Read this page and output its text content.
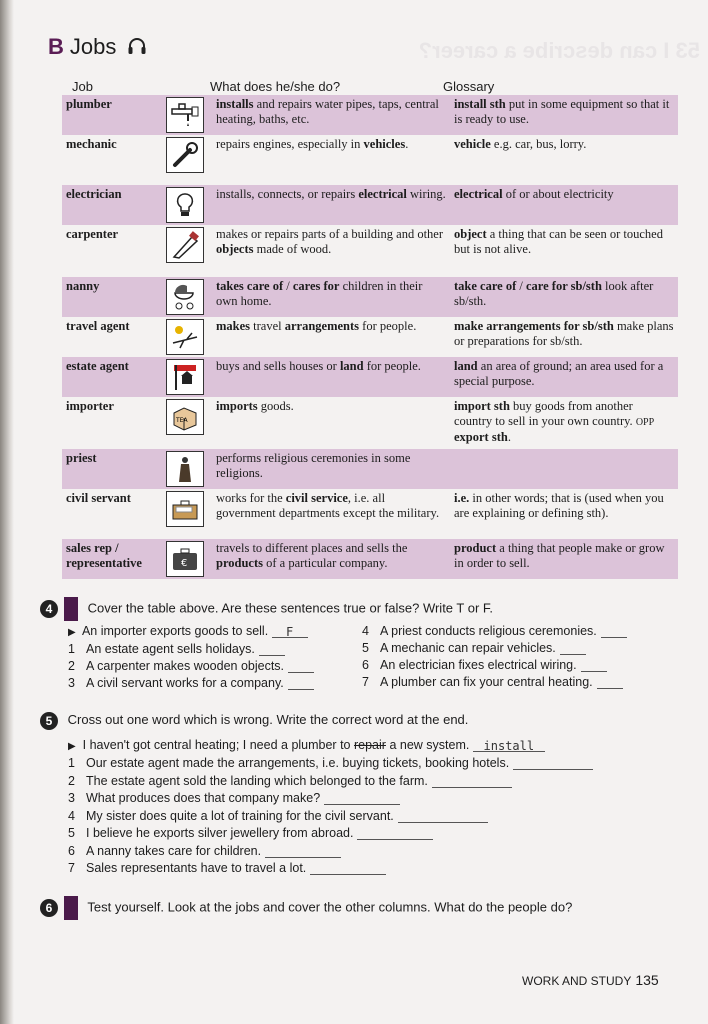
53 I can describe a career?
B Jobs
Job	What does he/she do?	Glossary
plumber		installs and repairs water pipes, taps, central heating, baths, etc.	install sth put in some equipment so that it is ready to use.
mechanic		repairs engines, especially in vehicles.	vehicle e.g. car, bus, lorry.
electrician		installs, connects, or repairs electrical wiring.	electrical of or about electricity
carpenter		makes or repairs parts of a building and other objects made of wood.	object a thing that can be seen or touched but is not alive.
nanny		takes care of / cares for children in their own home.	take care of / care for sb/sth look after sb/sth.
travel agent		makes travel arrangements for people.	make arrangements for sb/sth make plans or preparations for sb/sth.
estate agent		buys and sells houses or land for people.	land an area of ground; an area used for a special purpose.
importer	TEA	imports goods.	import sth buy goods from another country to sell in your own country. OPP export sth.
priest		performs religious ceremonies in some religions.	
civil servant		works for the civil service, i.e. all government departments except the military.	i.e. in other words; that is (used when you are explaining or defining sth).
sales rep / representative	€	travels to different places and sells the products of a particular company.	product a thing that people make or grow in order to sell.
4	Cover the table above. Are these sentences true or false? Write T or F.
▶ An importer exports goods to sell. F
1 An estate agent sells holidays.
2 A carpenter makes wooden objects.
3 A civil servant works for a company.
4 A priest conducts religious ceremonies.
5 A mechanic can repair vehicles.
6 An electrician fixes electrical wiring.
7 A plumber can fix your central heating.
5 Cross out one word which is wrong. Write the correct word at the end.
▶ I haven't got central heating; I need a plumber to repair a new system. install
1 Our estate agent made the arrangements, i.e. buying tickets, booking hotels.
2 The estate agent sold the landing which belonged to the farm.
3 What produces does that company make?
4 My sister does quite a lot of training for the civil servant.
5 I believe he exports silver jewellery from abroad.
6 A nanny takes care for children.
7 Sales representants have to travel a lot.
6	Test yourself. Look at the jobs and cover the other columns. What do the people do?
WORK AND STUDY 135
